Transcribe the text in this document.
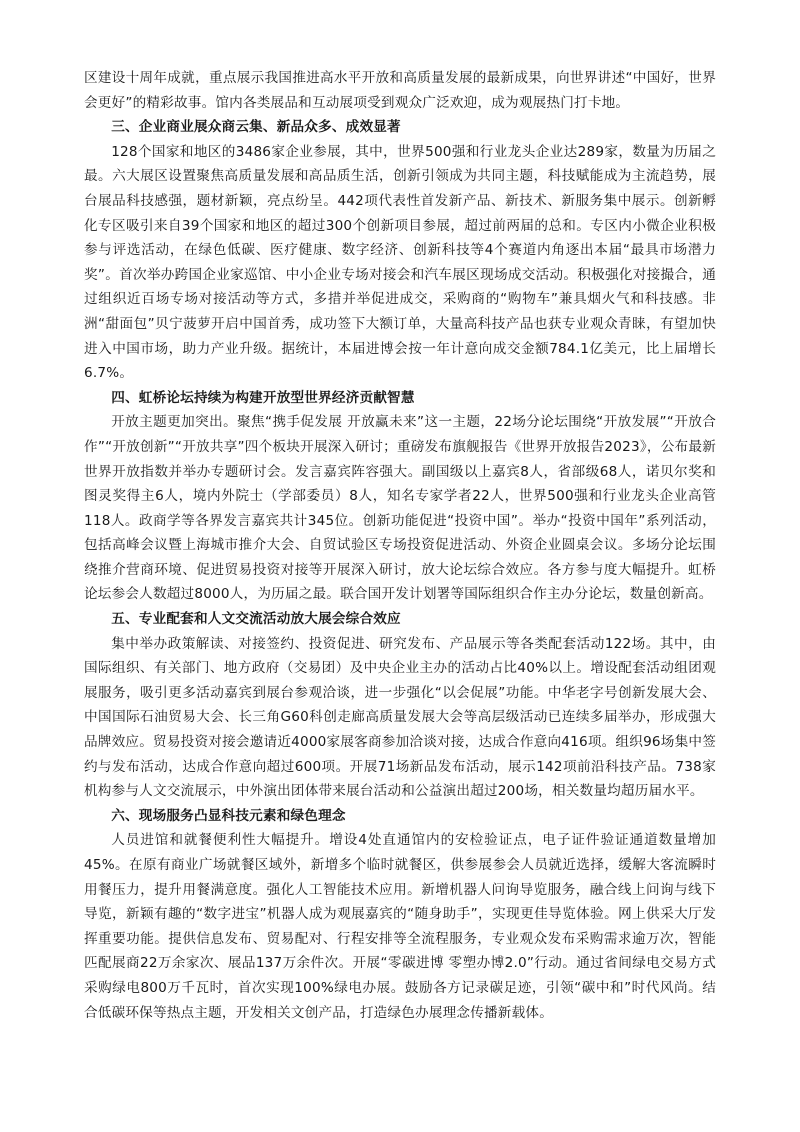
区建设十周年成就，重点展示我国推进高水平开放和高质量发展的最新成果，向世界讲述“中国好，世界会更好”的精彩故事。馆内各类展品和互动展项受到观众广泛欢迎，成为观展热门打卡地。

三、企业商业展众商云集、新品众多、成效显著

128个国家和地区的3486家企业参展，其中，世界500强和行业龙头企业达289家，数量为历届之最。六大展区设置聚焦高质量发展和高品质生活，创新引领成为共同主题，科技赋能成为主流趋势，展台展品科技感强，题材新颖，亮点纷呈。442项代表性首发新产品、新技术、新服务集中展示。创新孵化专区吸引来自39个国家和地区的超过300个创新项目参展，超过前两届的总和。专区内小微企业积极参与评选活动，在绿色低碳、医疗健康、数字经济、创新科技等4个赛道内角逐出本届“最具市场潜力奖”。首次举办跨国企业家巡馆、中小企业专场对接会和汽车展区现场成交活动。积极强化对接撮合，通过组织近百场专场对接活动等方式，多措并举促进成交，采购商的“购物车”兼具烟火气和科技感。非洲“甜面包”贝宁菠萝开启中国首秀，成功签下大额订单，大量高科技产品也获专业观众青睐，有望加快进入中国市场，助力产业升级。据统计，本届进博会按一年计意向成交金额784.1亿美元，比上届增长6.7%。

四、虹桥论坛持续为构建开放型世界经济贡献智慧

开放主题更加突出。聚焦“携手促发展 开放赢未来”这一主题，22场分论坛围绕“开放发展”“开放合作”“开放创新”“开放共享”四个板块开展深入研讨；重磅发布旗舰报告《世界开放报告2023》，公布最新世界开放指数并举办专题研讨会。发言嘉宾阵容强大。副国级以上嘉宾8人，省部级68人，诺贝尔奖和图灵奖得主6人，境内外院士（学部委员）8人，知名专家学者22人，世界500强和行业龙头企业高管118人。政商学等各界发言嘉宾共计345位。创新功能促进“投资中国”。举办“投资中国年”系列活动，包括高峰会议暨上海城市推介大会、自贸试验区专场投资促进活动、外资企业圆桌会议。多场分论坛围绕推介营商环境、促进贸易投资对接等开展深入研讨，放大论坛综合效应。各方参与度大幅提升。虹桥论坛参会人数超过8000人，为历届之最。联合国开发计划署等国际组织合作主办分论坛，数量创新高。

五、专业配套和人文交流活动放大展会综合效应

集中举办政策解读、对接签约、投资促进、研究发布、产品展示等各类配套活动122场。其中，由国际组织、有关部门、地方政府（交易团）及中央企业主办的活动占比40%以上。增设配套活动组团观展服务，吸引更多活动嘉宾到展台参观洽谈，进一步强化“以会促展”功能。中华老字号创新发展大会、中国国际石油贸易大会、长三角G60科创走廊高质量发展大会等高层级活动已连续多届举办，形成强大品牌效应。贸易投资对接会邀请近4000家展客商参加洽谈对接，达成合作意向416项。组织96场集中签约与发布活动，达成合作意向超过600项。开展71场新品发布活动，展示142项前沿科技产品。738家机构参与人文交流展示，中外演出团体带来展台活动和公益演出超过200场，相关数量均超历届水平。

六、现场服务凸显科技元素和绿色理念

人员进馆和就餐便利性大幅提升。增设4处直通馆内的安检验证点，电子证件验证通道数量增加45%。在原有商业广场就餐区域外，新增多个临时就餐区，供参展参会人员就近选择，缓解大客流瞬时用餐压力，提升用餐满意度。强化人工智能技术应用。新增机器人问询导览服务，融合线上问询与线下导览，新颖有趣的“数字进宝”机器人成为观展嘉宾的“随身助手”，实现更佳导览体验。网上供采大厅发挥重要功能。提供信息发布、贸易配对、行程安排等全流程服务，专业观众发布采购需求逾万次，智能匹配展商22万余家次、展品137万余件次。开展“零碳进博 零塑办博2.0”行动。通过省间绿电交易方式采购绿电800万千瓦时，首次实现100%绿电办展。鼓励各方记录碳足迹，引领“碳中和”时代风尚。结合低碳环保等热点主题，开发相关文创产品，打造绿色办展理念传播新载体。
